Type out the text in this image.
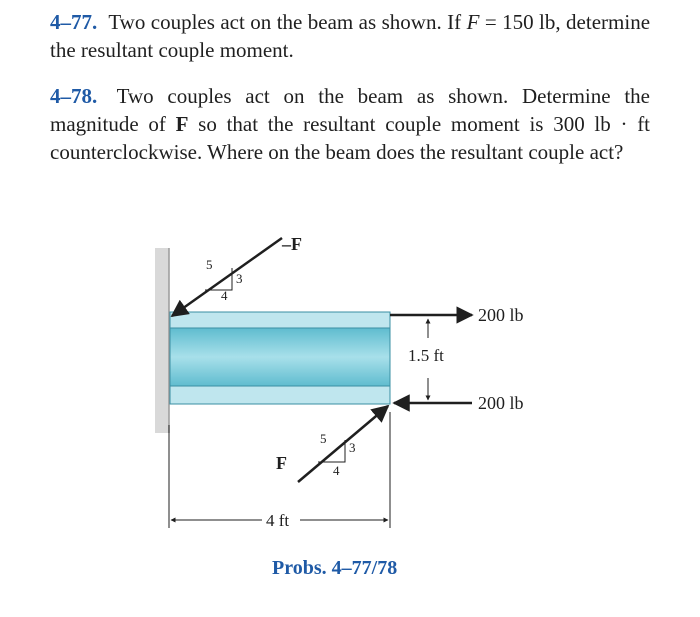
4–77. Two couples act on the beam as shown. If F = 150 lb, determine the resultant couple moment.
4–78. Two couples act on the beam as shown. Determine the magnitude of F so that the resultant couple moment is 300 lb · ft counterclockwise. Where on the beam does the resultant couple act?
–F
5
3
4
F
5
3
4
200 lb
200 lb
1.5 ft
4 ft
Probs. 4–77/78
